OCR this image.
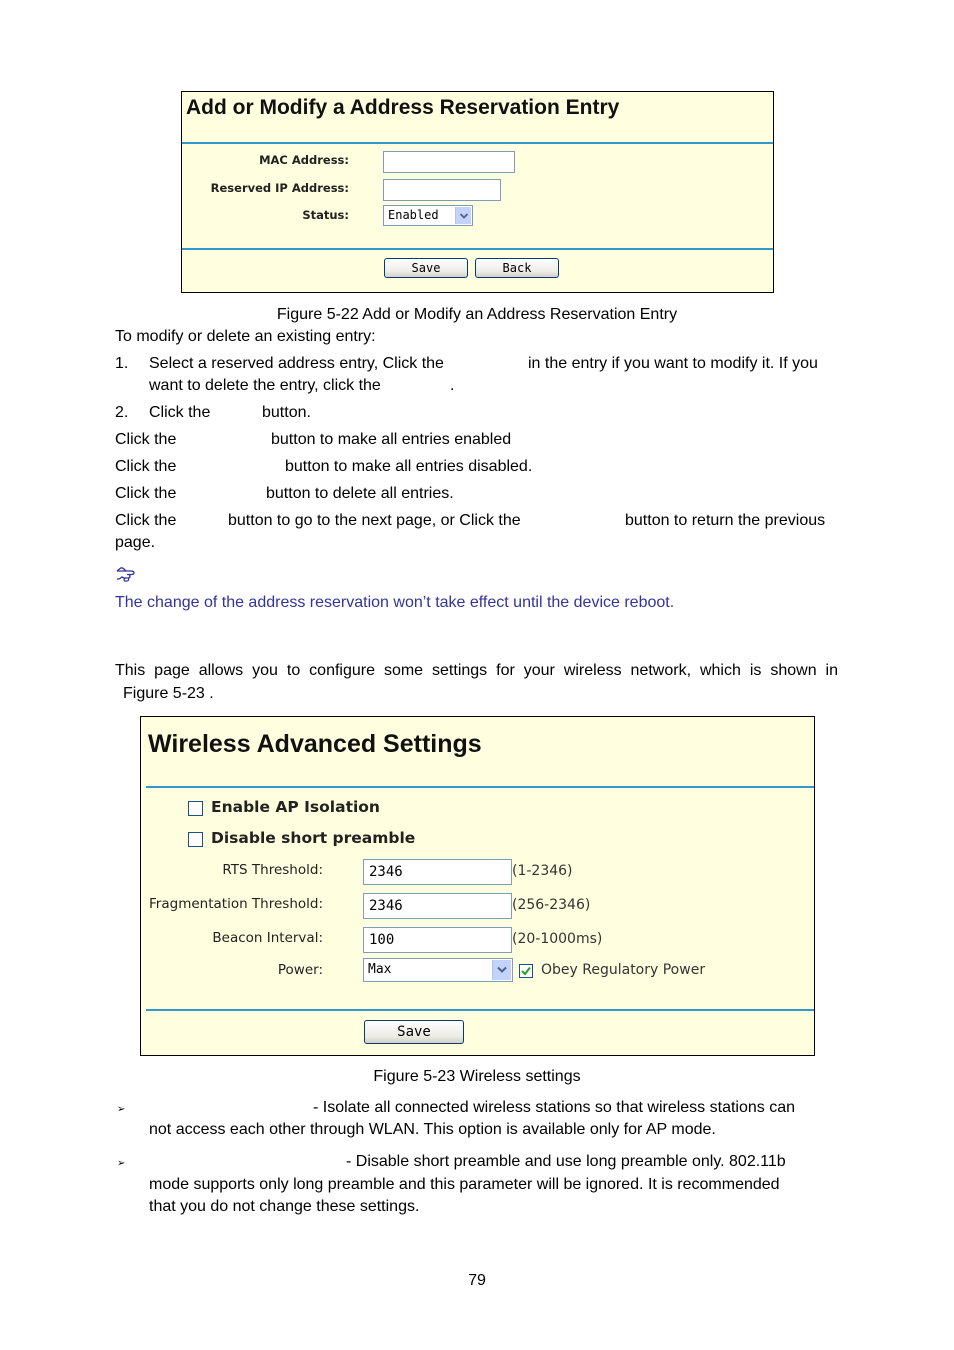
Add or Modify a Address Reservation Entry
MAC Address:
Reserved IP Address:
Status:	Enabled
Save	Back
Figure 5-22 Add or Modify an Address Reservation Entry
To modify or delete an existing entry:
1. Select a reserved address entry, Click the	in the entry if you want to modify it. If you
want to delete the entry, click the	.
2. Click the	button.
Click the	button to make all entries enabled
Click the	button to make all entries disabled.
Click the	button to delete all entries.
Click the	button to go to the next page, or Click the	button to return the previous
page.
The change of the address reservation won’t take effect until the device reboot.
This page allows you to configure some settings for your wireless network, which is shown in
Figure 5-23 .
Wireless Advanced Settings
Enable AP Isolation
Disable short preamble
RTS Threshold:	2346	(1-2346)
Fragmentation Threshold:	2346	(256-2346)
Beacon Interval:	100	(20-1000ms)
Power:	Max	Obey Regulatory Power
Save
Figure 5-23 Wireless settings
➢	- Isolate all connected wireless stations so that wireless stations can
not access each other through WLAN. This option is available only for AP mode.
➢	- Disable short preamble and use long preamble only. 802.11b
mode supports only long preamble and this parameter will be ignored. It is recommended
that you do not change these settings.
79
